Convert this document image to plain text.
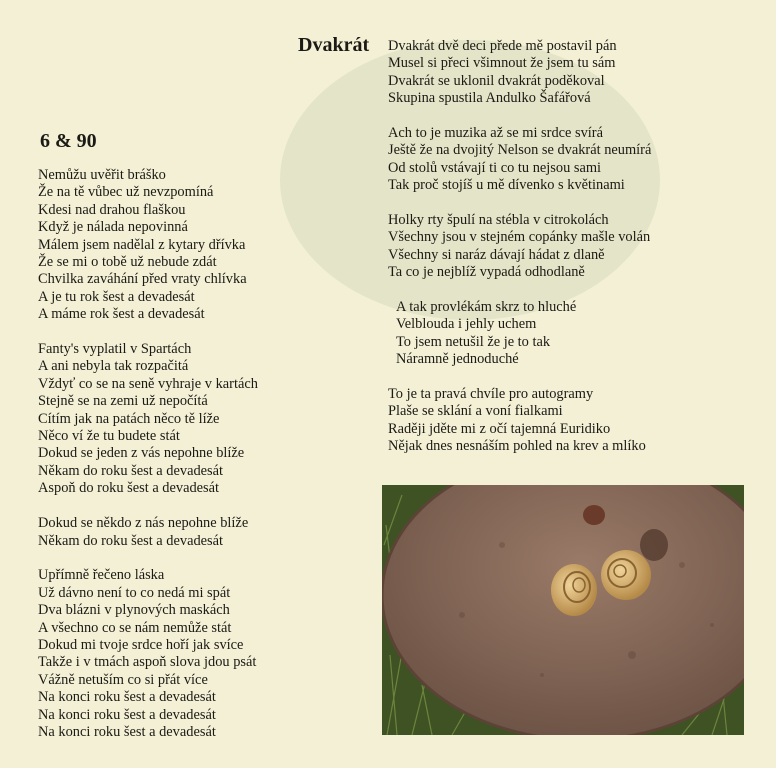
6 & 90
Nemůžu uvěřit bráško
Že na tě vůbec už nevzpomíná
Kdesi nad drahou flaškou
Když je nálada nepovinná
Málem jsem nadělal z kytary dřívka
Že se mi o tobě už nebude zdát
Chvilka zaváhání před vraty chlívka
A je tu rok šest a devadesát
A máme rok šest a devadesát
Fanty's vyplatil v Spartách
A ani nebyla tak rozpačitá
Vždyť co se na seně vyhraje v kartách
Stejně se na zemi už nepočítá
Cítím jak na patách něco tě líže
Něco ví že tu budete stát
Dokud se jeden z vás nepohne blíže
Někam do roku šest a devadesát
Aspoň do roku šest a devadesát
Dokud se někdo z nás nepohne blíže
Někam do roku šest a devadesát
Upřímně řečeno láska
Už dávno není to co nedá mi spát
Dva blázni v plynových maskách
A všechno co se nám nemůže stát
Dokud mi tvoje srdce hoří jak svíce
Takže i v tmách aspoň slova jdou psát
Vážně netuším co si přát více
Na konci roku šest a devadesát
Na konci roku šest a devadesát
Na konci roku šest a devadesát
Dvakrát Dvakrát dvě deci přede mě postavil pán
Musel si přeci všimnout že jsem tu sám
Dvakrát se uklonil dvakrát poděkoval
Skupina spustila Andulko Šafářová
Ach to je muzika až se mi srdce svírá
Ještě že na dvojitý Nelson se dvakrát neumírá
Od stolů vstávají ti co tu nejsou sami
Tak proč stojíš u mě dívenko s květinami
Holky rty špulí na stébla v citrokolách
Všechny jsou v stejném copánky mašle volán
Všechny si naráz dávají hádat z dlaně
Ta co je nejblíž vypadá odhodlaně
A tak provlékám skrz to hluché
Velblouda i jehly uchem
To jsem netušil že je to tak
Náramně jednoduché
To je ta pravá chvíle pro autogramy
Plaše se sklání a voní fialkami
Raději jděte mi z očí tajemná Euridiko
Nějak dnes nesnáším pohled na krev a mlíko
